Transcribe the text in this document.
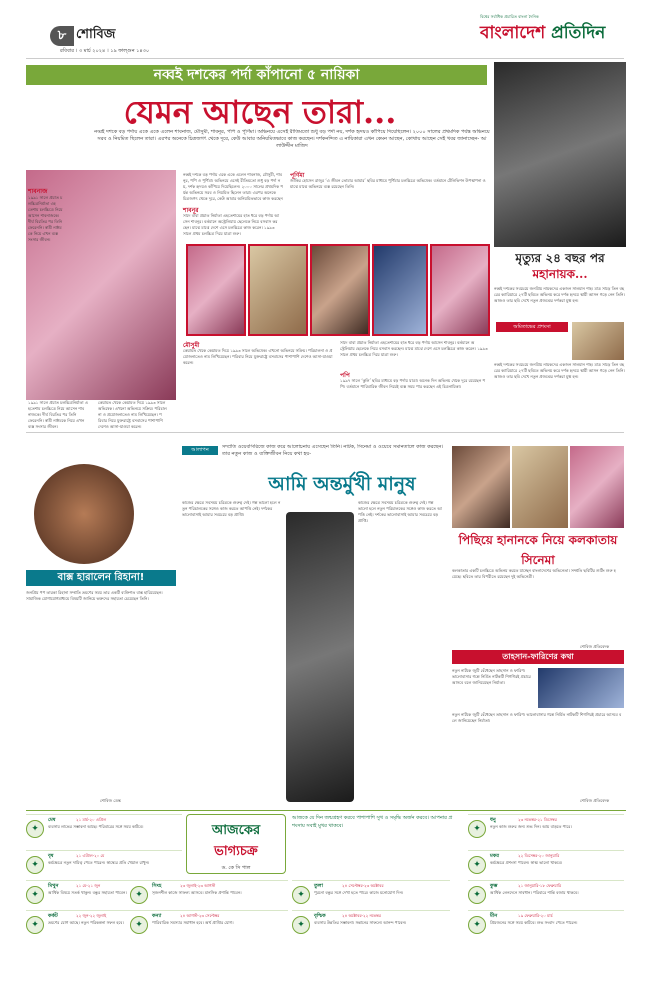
৮ শোবিজ
রবিবার । ৩ মার্চ ২০২৪ । ১৯ ফাল্গুন ১৪৩০
বিশ্বের সর্বাধিক প্রচারিত বাংলা দৈনিক
বাংলাদেশ প্রতিদিন
নব্বই দশকের পর্দা কাঁপানো ৫ নায়িকা
যেমন আছেন তারা...
নব্বই দশকে বড় পর্দায় একে একে এলেন শাবনাজ, মৌসুমী, শাবনূর, পপি ও পূর্ণিমা। অভিনয়ে এসেই রীতিমতো শুধু বড় পর্দা নয়, দর্শক হৃদয়ও কাঁপিয়ে দিয়েছিলেন। ২০০০ সালের প্রথমদিক পর্যন্ত অভিনয়ে সরব ও নিয়মিত ছিলেন তারা। এরপর অনেকে চিত্রজগৎ থেকে দূরে, কেউ আবার অনিয়মিতভাবে কাজ করছেন। দর্শকনন্দিত এ নায়িকারা এখন কেমন আছেন, কোথায় আছেন সেই খবর জানাচ্ছেন- আলাউদ্দীন মাজিদ
শাবনাজ
১৯৯১ সালে প্রয়াত চলচ্চিত্রনির্মাতা এহতেশাম চলচ্চিত্রে নিয়ে আসেন শাবনাজকে। দীর্ঘ বিরতির পর তিনি ফেরেননি। স্বামী নাঈমকে নিয়ে এখন ব্যস্ত সংসার জীবন।
১৯৯১ সালে প্রয়াত চলচ্চিত্রনির্মাতা এহতেশাম চলচ্চিত্রে নিয়ে আসেন শাবনাজকে। দীর্ঘ বিরতির পর তিনি ফেরেননি। স্বামী নাঈমকে নিয়ে এখন ব্যস্ত সংসার জীবন।
কেয়ামত থেকে কেয়ামত দিয়ে ১৯৯৩ সালে অভিষেক। এখনো অভিনয়ে সক্রিয়। পরিচালনা ও প্রযোজনাতেও নাম লিখিয়েছেন। পরিবার নিয়ে যুক্তরাষ্ট্রে বসবাসের পাশাপাশি দেশেও আসা-যাওয়া করেন।
নব্বই দশকে বড় পর্দায় একে একে এলেন শাবনাজ, মৌসুমী, শাবনূর, পপি ও পূর্ণিমা। অভিনয়ে এসেই রীতিমতো শুধু বড় পর্দা নয়, দর্শক হৃদয়ও কাঁপিয়ে দিয়েছিলেন। ২০০০ সালের প্রথমদিক পর্যন্ত অভিনয়ে সরব ও নিয়মিত ছিলেন তারা। এরপর অনেকে চিত্রজগৎ থেকে দূরে, কেউ আবার অনিয়মিতভাবে কাজ করছেন
শাবনূর
সাদে বাবা প্রয়াত নির্মাতা এহতেশামের হাত ধরে বড় পর্দায় আসেন শাবনূর। বর্তমানে অস্ট্রেলিয়ায় ছেলেকে নিয়ে বসবাস করছেন। মাঝে মাঝে দেশে এসে চলচ্চিত্রে কাজ করেন। ১৯৯৩ সালে প্রথম চলচ্চিত্র দিয়ে যাত্রা শুরু।
পূর্ণিমা
জাকির হোসেন রাজুর ‘এ জীবন তোমার আমার’ ছবির মাধ্যমে পূর্ণিমার চলচ্চিত্রে অভিষেক। বর্তমানে টেলিভিশন উপস্থাপনা ও মাঝে মাঝে অভিনয়ে ব্যস্ত রয়েছেন তিনি।
মৌসুমী
কেয়ামত থেকে কেয়ামত দিয়ে ১৯৯৩ সালে অভিষেক। এখনো অভিনয়ে সক্রিয়। পরিচালনা ও প্রযোজনাতেও নাম লিখিয়েছেন। পরিবার নিয়ে যুক্তরাষ্ট্রে বসবাসের পাশাপাশি দেশেও আসা-যাওয়া করেন।
সাদে বাবা প্রয়াত নির্মাতা এহতেশামের হাত ধরে বড় পর্দায় আসেন শাবনূর। বর্তমানে অস্ট্রেলিয়ায় ছেলেকে নিয়ে বসবাস করছেন। মাঝে মাঝে দেশে এসে চলচ্চিত্রে কাজ করেন। ১৯৯৩ সালে প্রথম চলচ্চিত্র দিয়ে যাত্রা শুরু।
পপি
১৯৯৭ সালে ‘কুলি’ ছবির মাধ্যমে বড় পর্দায় যাত্রা। অনেক দিন অভিনয় থেকে দূরে রয়েছেন পপি। বর্তমানে পারিবারিক জীবন নিয়েই ব্যস্ত সময় পার করছেন এই চিত্রনায়িকা।
মৃত্যুর ২৪ বছর পর
মহানায়ক...
নব্বই দশকের সবচেয়ে জনপ্রিয় নায়কদের একজন সালমান শাহ। মাত্র সাড়ে তিন বছরের ক্যারিয়ারে ২৭টি ছবিতে অভিনয় করে দর্শক হৃদয়ে স্থায়ী আসন গড়ে নেন তিনি। আজও তার ছবি দেখে নতুন প্রজন্মের দর্শকরা মুগ্ধ হন।
অমিতাভের প্রশংসা
নব্বই দশকের সবচেয়ে জনপ্রিয় নায়কদের একজন সালমান শাহ। মাত্র সাড়ে তিন বছরের ক্যারিয়ারে ২৭টি ছবিতে অভিনয় করে দর্শক হৃদয়ে স্থায়ী আসন গড়ে নেন তিনি। আজও তার ছবি দেখে নতুন প্রজন্মের দর্শকরা মুগ্ধ হন।
আলাপন	সম্প্রতি ওয়েবসিরিজে কাজ করে আলোচনায় এসেছেন তিনি। নাটক, সিনেমা ও ওয়েবে সমানতালে কাজ করছেন। তার নতুন কাজ ও ব্যক্তিজীবন নিয়ে কথা হয়-
আমি অন্তর্মুখী মানুষ
কাজের ক্ষেত্রে সবসময় চরিত্রকে গুরুত্ব দেই। গল্প ভালো হলে নতুন পরিচালকের সঙ্গেও কাজ করতে আপত্তি নেই। দর্শকের ভালোবাসাই আমার সবচেয়ে বড় প্রাপ্তি।
কাজের ক্ষেত্রে সবসময় চরিত্রকে গুরুত্ব দেই। গল্প ভালো হলে নতুন পরিচালকের সঙ্গেও কাজ করতে আপত্তি নেই। দর্শকের ভালোবাসাই আমার সবচেয়ে বড় প্রাপ্তি।
বাক্স হারালেন রিহানা!
জনপ্রিয় পপ তারকা রিহানা সম্প্রতি ভ্রমণের সময় তার একটি ব্যক্তিগত বাক্স হারিয়েছেন। সামাজিক যোগাযোগমাধ্যমে বিষয়টি জানিয়ে ভক্তদের সহায়তা চেয়েছেন তিনি।
শোবিজ ডেস্ক
পিছিয়ে হানানকে নিয়ে কলকাতায় সিনেমা
কলকাতার একটি চলচ্চিত্রে অভিনয় করতে যাচ্ছেন বাংলাদেশের অভিনেতা। সম্প্রতি ছবিটির শুটিং শুরু হয়েছে। ছবিতে তার বিপরীতে রয়েছেন দুই অভিনেত্রী।
শোবিজ প্রতিবেদক
তাহসান-ফারিণের কথা
নতুন নাটকে জুটি বেঁধেছেন তাহসান ও ফারিণ। ভালোবাসার গল্পে নির্মিত নাটকটি শিগগিরই প্রচারে আসবে বলে জানিয়েছেন নির্মাতা।
নতুন নাটকে জুটি বেঁধেছেন তাহসান ও ফারিণ। ভালোবাসার গল্পে নির্মিত নাটকটি শিগগিরই প্রচারে আসবে বলে জানিয়েছেন নির্মাতা।
শোবিজ প্রতিবেদক
আজকের
ভাগ্যচক্র
ড. কে সি পাল
আজকে যে দিন জন্মগ্রহণ করবে পাশাপাশি সুখ ও সমৃদ্ধি অর্জন করবে। আপনার প্রশংসায় সবাই মুখর থাকবে।
✦
মেষ	২১ মার্চ-২০ এপ্রিল
ব্যবসায় লাভের সম্ভাবনা আছে। পরিবারের সঙ্গে সময় কাটবে।
✦
বৃষ	২১ এপ্রিল-২০ মে
কর্মক্ষেত্রে নতুন দায়িত্ব পেতে পারেন। স্বাস্থ্যের প্রতি খেয়াল রাখুন।
✦
মিথুন	২১ মে-২১ জুন
আর্থিক বিষয়ে সতর্ক থাকুন। বন্ধুর সহায়তা পাবেন।
✦
কর্কট	২২ জুন-২২ জুলাই
ভ্রমণের যোগ আছে। নতুন পরিকল্পনা সফল হবে।
✦
সিংহ	২৩ জুলাই-২৩ আগস্ট
সৃজনশীল কাজে সাফল্য আসবে। মানসিক প্রশান্তি পাবেন।
✦
কন্যা	২৪ আগস্ট-২৩ সেপ্টেম্বর
পারিবারিক সমস্যার সমাধান হবে। অর্থ প্রাপ্তির যোগ।
✦
তুলা	২৪ সেপ্টেম্বর-২৩ অক্টোবর
পুরনো বন্ধুর সঙ্গে দেখা হতে পারে। কাজে মনোযোগ দিন।
✦
বৃশ্চিক	২৪ অক্টোবর-২২ নভেম্বর
ব্যবসায় উন্নতির সম্ভাবনা। সন্তানের সাফল্যে আনন্দ পাবেন।
✦
ধনু	২৩ নভেম্বর-২১ ডিসেম্বর
নতুন কাজ শুরুর জন্য শুভ দিন। আয় বাড়তে পারে।
✦
মকর	২২ ডিসেম্বর-২০ জানুয়ারি
কর্মক্ষেত্রে প্রশংসা পাবেন। স্বাস্থ্য ভালো থাকবে।
✦
কুম্ভ	২১ জানুয়ারি-১৮ ফেব্রুয়ারি
আর্থিক লেনদেনে সাবধান। পরিবারে শান্তি বজায় থাকবে।
✦
মীন	১৯ ফেব্রুয়ারি-২০ মার্চ
প্রিয়জনের সঙ্গে সময় কাটবে। শুভ সংবাদ পেতে পারেন।
